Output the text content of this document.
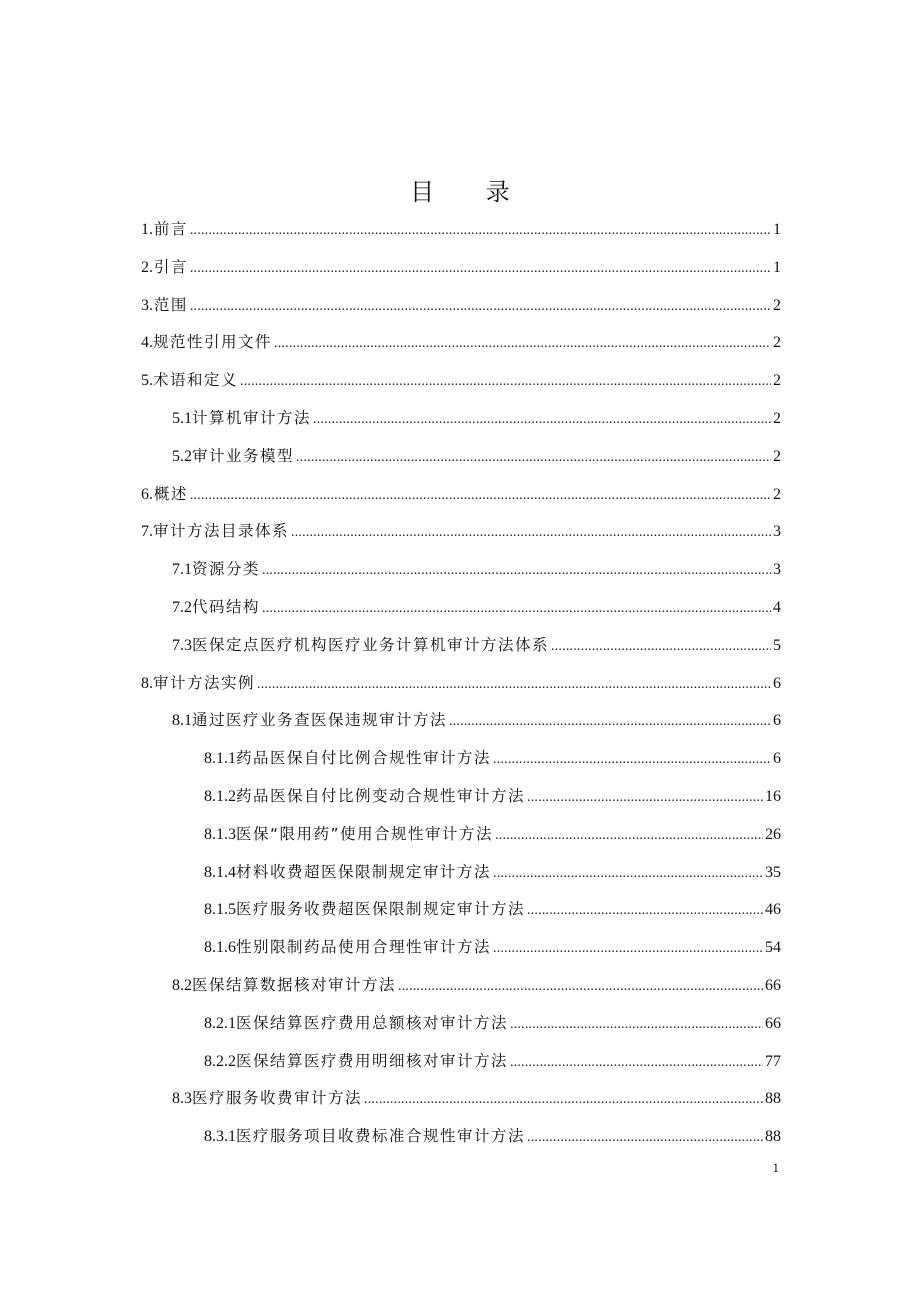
目 录
1. 前言 .....	1
2. 引言 .....	1
3. 范围 .....	2
4. 规范性引用文件 .....	2
5. 术语和定义 .....	2
5.1 计算机审计方法 .....	2
5.2 审计业务模型 .....	2
6. 概述 .....	2
7. 审计方法目录体系 .....	3
7.1 资源分类 .....	3
7.2 代码结构 .....	4
7.3 医保定点医疗机构医疗业务计算机审计方法体系 .....	5
8. 审计方法实例 .....	6
8.1 通过医疗业务查医保违规审计方法 .....	6
8.1.1 药品医保自付比例合规性审计方法 .....	6
8.1.2 药品医保自付比例变动合规性审计方法 .....	16
8.1.3 医保“限用药”使用合规性审计方法 .....	26
8.1.4 材料收费超医保限制规定审计方法 .....	35
8.1.5 医疗服务收费超医保限制规定审计方法 .....	46
8.1.6 性别限制药品使用合理性审计方法 .....	54
8.2 医保结算数据核对审计方法 .....	66
8.2.1 医保结算医疗费用总额核对审计方法 .....	66
8.2.2 医保结算医疗费用明细核对审计方法 .....	77
8.3 医疗服务收费审计方法 .....	88
8.3.1 医疗服务项目收费标准合规性审计方法 .....	88
1
